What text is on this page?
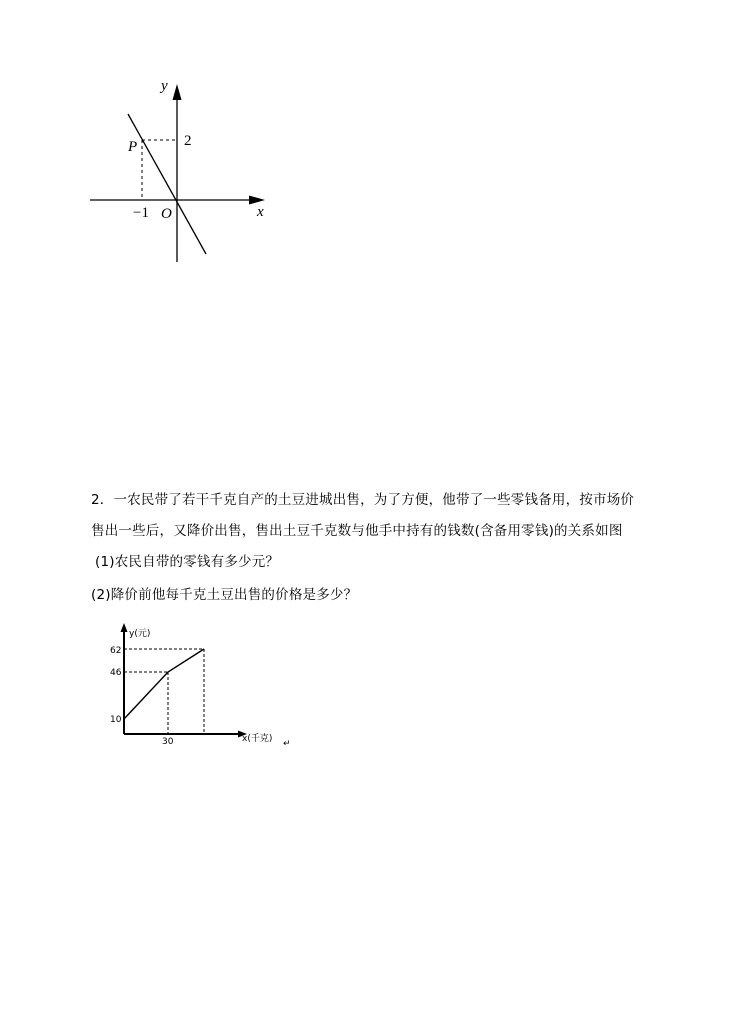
y
x
O
P	2
−1
2．一农民带了若干千克自产的土豆进城出售，为了方便，他带了一些零钱备用，按市场价
售出一些后，又降价出售，售出土豆千克数与他手中持有的钱数(含备用零钱)的关系如图
(1)农民自带的零钱有多少元？
(2)降价前他每千克土豆出售的价格是多少？
y(元)
x(千克)
62
46
10
30	↵
